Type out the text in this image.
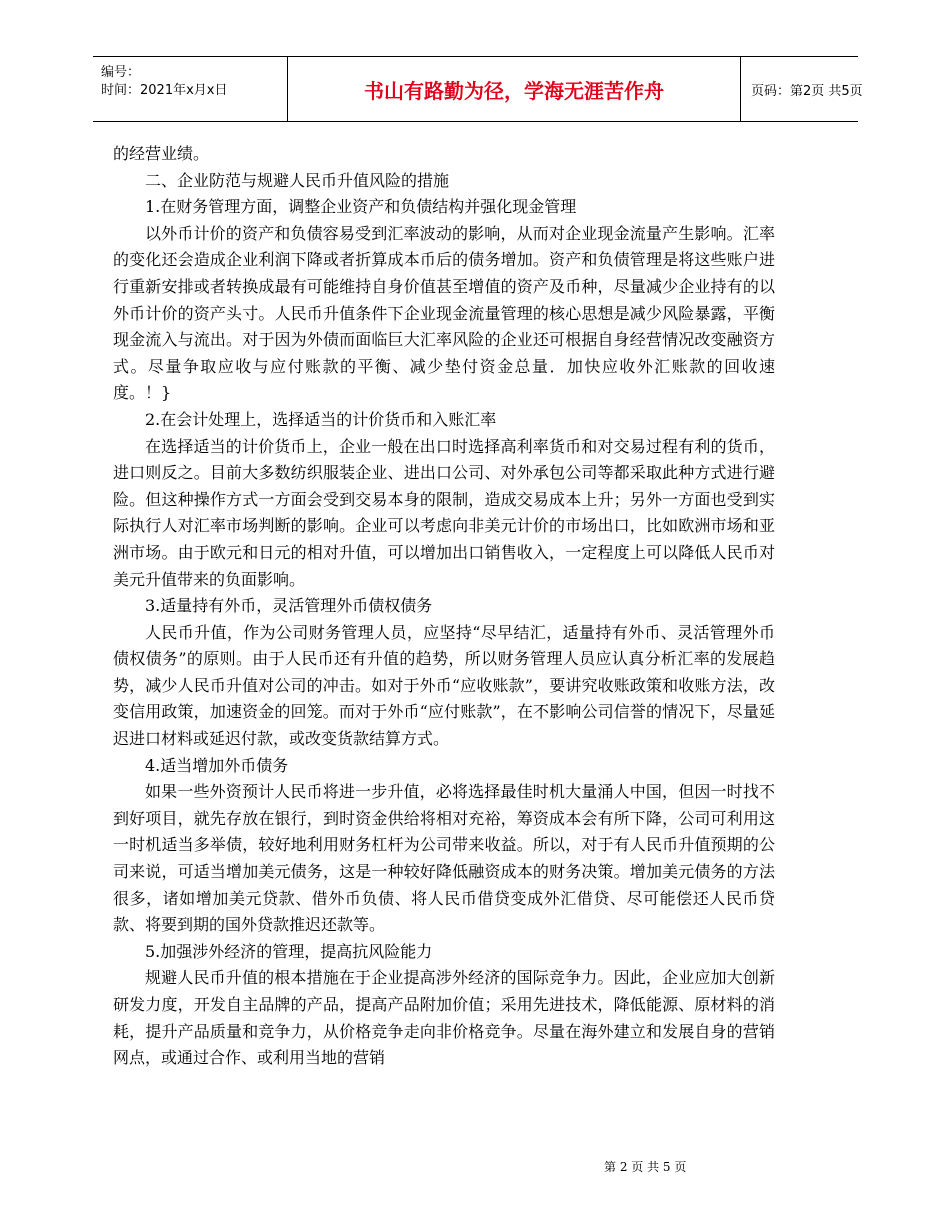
编号：
时间：2021年x月x日	书山有路勤为径，学海无涯苦作舟	页码：第2页 共5页

的经营业绩。

二、企业防范与规避人民币升值风险的措施

1.在财务管理方面，调整企业资产和负债结构并强化现金管理

以外币计价的资产和负债容易受到汇率波动的影响，从而对企业现金流量产生影响。汇率的变化还会造成企业利润下降或者折算成本币后的债务增加。资产和负债管理是将这些账户进行重新安排或者转换成最有可能维持自身价值甚至增值的资产及币种，尽量减少企业持有的以外币计价的资产头寸。人民币升值条件下企业现金流量管理的核心思想是减少风险暴露，平衡现金流入与流出。对于因为外债而面临巨大汇率风险的企业还可根据自身经营情况改变融资方式。尽量争取应收与应付账款的平衡、减少垫付资金总量．加快应收外汇账款的回收速度。！}

2.在会计处理上，选择适当的计价货币和入账汇率

在选择适当的计价货币上，企业一般在出口时选择高利率货币和对交易过程有利的货币，进口则反之。目前大多数纺织服装企业、进出口公司、对外承包公司等都采取此种方式进行避险。但这种操作方式一方面会受到交易本身的限制，造成交易成本上升；另外一方面也受到实际执行人对汇率市场判断的影响。企业可以考虑向非美元计价的市场出口，比如欧洲市场和亚洲市场。由于欧元和日元的相对升值，可以增加出口销售收入，一定程度上可以降低人民币对美元升值带来的负面影响。

3.适量持有外币，灵活管理外币债权债务

人民币升值，作为公司财务管理人员，应坚持“尽早结汇，适量持有外币、灵活管理外币债权债务”的原则。由于人民币还有升值的趋势，所以财务管理人员应认真分析汇率的发展趋势，减少人民币升值对公司的冲击。如对于外币“应收账款”，要讲究收账政策和收账方法，改变信用政策，加速资金的回笼。而对于外币“应付账款”，在不影响公司信誉的情况下，尽量延迟进口材料或延迟付款，或改变货款结算方式。

4.适当增加外币债务

如果一些外资预计人民币将进一步升值，必将选择最佳时机大量涌人中国，但因一时找不到好项目，就先存放在银行，到时资金供给将相对充裕，筹资成本会有所下降，公司可利用这一时机适当多举债，较好地利用财务杠杆为公司带来收益。所以，对于有人民币升值预期的公司来说，可适当增加美元债务，这是一种较好降低融资成本的财务决策。增加美元债务的方法很多，诸如增加美元贷款、借外币负债、将人民币借贷变成外汇借贷、尽可能偿还人民币贷款、将要到期的国外贷款推迟还款等。

5.加强涉外经济的管理，提高抗风险能力

规避人民币升值的根本措施在于企业提高涉外经济的国际竞争力。因此，企业应加大创新研发力度，开发自主品牌的产品，提高产品附加价值；采用先进技术，降低能源、原材料的消耗，提升产品质量和竞争力，从价格竞争走向非价格竞争。尽量在海外建立和发展自身的营销网点，或通过合作、或利用当地的营销

第 2 页 共 5 页
